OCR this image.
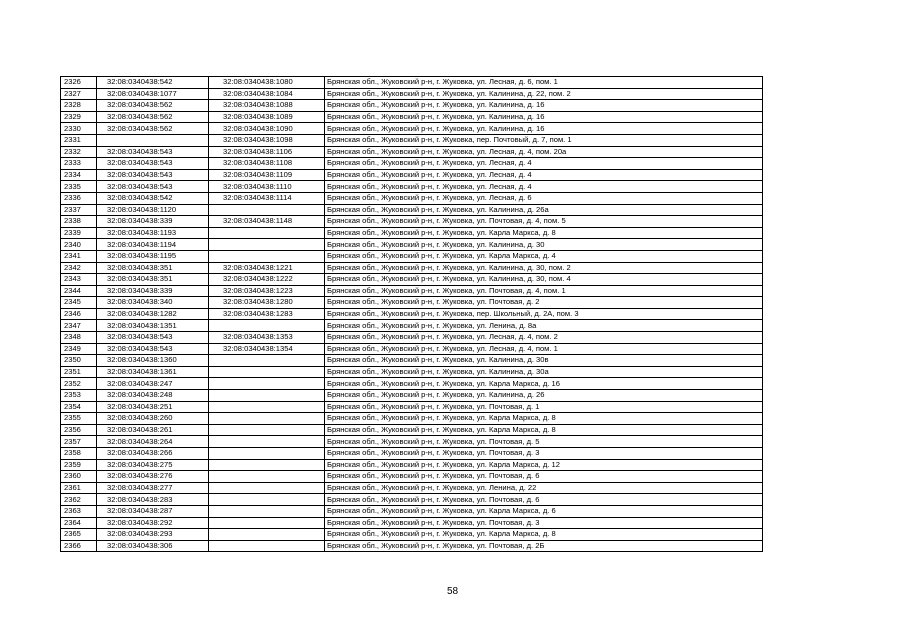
2326	32:08:0340438:542	32:08:0340438:1080	Брянская обл., Жуковский р-н, г. Жуковка, ул. Лесная, д. 6, пом. 1
2327	32:08:0340438:1077	32:08:0340438:1084	Брянская обл., Жуковский р-н, г. Жуковка, ул. Калинина, д. 22, пом. 2
2328	32:08:0340438:562	32:08:0340438:1088	Брянская обл., Жуковский р-н, г. Жуковка, ул. Калинина, д. 16
2329	32:08:0340438:562	32:08:0340438:1089	Брянская обл., Жуковский р-н, г. Жуковка, ул. Калинина, д. 16
2330	32:08:0340438:562	32:08:0340438:1090	Брянская обл., Жуковский р-н, г. Жуковка, ул. Калинина, д. 16
2331		32:08:0340438:1098	Брянская обл., Жуковский р-н, г. Жуковка, пер. Почтовый, д. 7, пом. 1
2332	32:08:0340438:543	32:08:0340438:1106	Брянская обл., Жуковский р-н, г. Жуковка, ул. Лесная, д. 4, пом. 20а
2333	32:08:0340438:543	32:08:0340438:1108	Брянская обл., Жуковский р-н, г. Жуковка, ул. Лесная, д. 4
2334	32:08:0340438:543	32:08:0340438:1109	Брянская обл., Жуковский р-н, г. Жуковка, ул. Лесная, д. 4
2335	32:08:0340438:543	32:08:0340438:1110	Брянская обл., Жуковский р-н, г. Жуковка, ул. Лесная, д. 4
2336	32:08:0340438:542	32:08:0340438:1114	Брянская обл., Жуковский р-н, г. Жуковка, ул. Лесная, д. 6
2337	32:08:0340438:1120		Брянская обл., Жуковский р-н, г. Жуковка, ул. Калинина, д. 26а
2338	32:08:0340438:339	32:08:0340438:1148	Брянская обл., Жуковский р-н, г. Жуковка, ул. Почтовая, д. 4, пом. 5
2339	32:08:0340438:1193		Брянская обл., Жуковский р-н, г. Жуковка, ул. Карла Маркса, д. 8
2340	32:08:0340438:1194		Брянская обл., Жуковский р-н, г. Жуковка, ул. Калинина, д. 30
2341	32:08:0340438:1195		Брянская обл., Жуковский р-н, г. Жуковка, ул. Карла Маркса, д. 4
2342	32:08:0340438:351	32:08:0340438:1221	Брянская обл., Жуковский р-н, г. Жуковка, ул. Калинина, д. 30, пом. 2
2343	32:08:0340438:351	32:08:0340438:1222	Брянская обл., Жуковский р-н, г. Жуковка, ул. Калинина, д. 30, пом. 4
2344	32:08:0340438:339	32:08:0340438:1223	Брянская обл., Жуковский р-н, г. Жуковка, ул. Почтовая, д. 4, пом. 1
2345	32:08:0340438:340	32:08:0340438:1280	Брянская обл., Жуковский р-н, г. Жуковка, ул. Почтовая, д. 2
2346	32:08:0340438:1282	32:08:0340438:1283	Брянская обл., Жуковский р-н, г. Жуковка, пер. Школьный, д. 2А, пом. 3
2347	32:08:0340438:1351		Брянская обл., Жуковский р-н, г. Жуковка, ул. Ленина, д. 8а
2348	32:08:0340438:543	32:08:0340438:1353	Брянская обл., Жуковский р-н, г. Жуковка, ул. Лесная, д. 4, пом. 2
2349	32:08:0340438:543	32:08:0340438:1354	Брянская обл., Жуковский р-н, г. Жуковка, ул. Лесная, д. 4, пом. 1
2350	32:08:0340438:1360		Брянская обл., Жуковский р-н, г. Жуковка, ул. Калинина, д. 30в
2351	32:08:0340438:1361		Брянская обл., Жуковский р-н, г. Жуковка, ул. Калинина, д. 30а
2352	32:08:0340438:247		Брянская обл., Жуковский р-н, г. Жуковка, ул. Карла Маркса, д. 16
2353	32:08:0340438:248		Брянская обл., Жуковский р-н, г. Жуковка, ул. Калинина, д. 26
2354	32:08:0340438:251		Брянская обл., Жуковский р-н, г. Жуковка, ул. Почтовая, д. 1
2355	32:08:0340438:260		Брянская обл., Жуковский р-н, г. Жуковка, ул. Карла Маркса, д. 8
2356	32:08:0340438:261		Брянская обл., Жуковский р-н, г. Жуковка, ул. Карла Маркса, д. 8
2357	32:08:0340438:264		Брянская обл., Жуковский р-н, г. Жуковка, ул. Почтовая, д. 5
2358	32:08:0340438:266		Брянская обл., Жуковский р-н, г. Жуковка, ул. Почтовая, д. 3
2359	32:08:0340438:275		Брянская обл., Жуковский р-н, г. Жуковка, ул. Карла Маркса, д. 12
2360	32:08:0340438:276		Брянская обл., Жуковский р-н, г. Жуковка, ул. Почтовая, д. 6
2361	32:08:0340438:277		Брянская обл., Жуковский р-н, г. Жуковка, ул. Ленина, д. 22
2362	32:08:0340438:283		Брянская обл., Жуковский р-н, г. Жуковка, ул. Почтовая, д. 6
2363	32:08:0340438:287		Брянская обл., Жуковский р-н, г. Жуковка, ул. Карла Маркса, д. 6
2364	32:08:0340438:292		Брянская обл., Жуковский р-н, г. Жуковка, ул. Почтовая, д. 3
2365	32:08:0340438:293		Брянская обл., Жуковский р-н, г. Жуковка, ул. Карла Маркса, д. 8
2366	32:08:0340438:306		Брянская обл., Жуковский р-н, г. Жуковка, ул. Почтовая, д. 2Б
58
